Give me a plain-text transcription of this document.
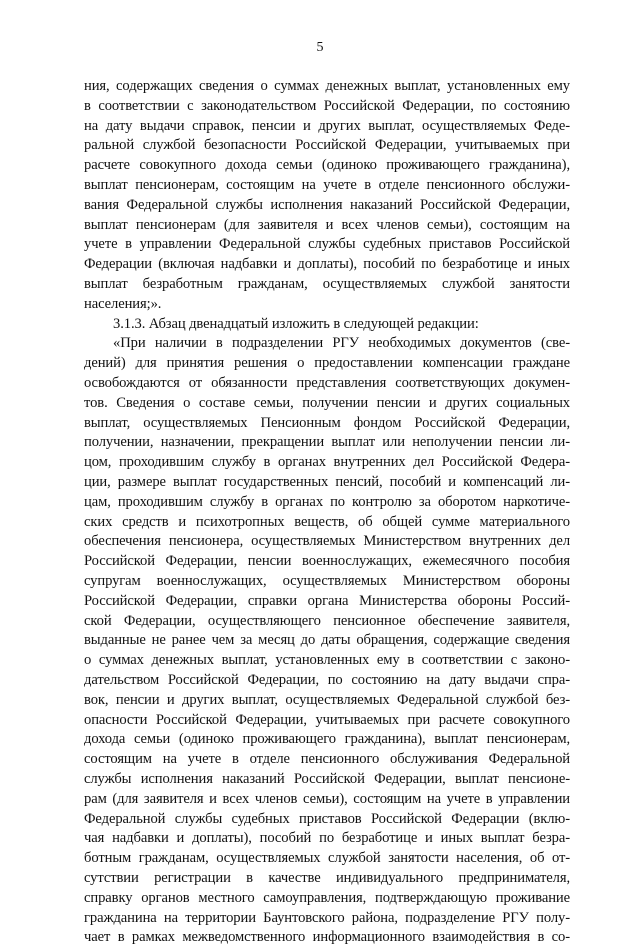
5
ния, содержащих сведения о суммах денежных выплат, установленных ему
в соответствии с законодательством Российской Федерации, по состоянию
на дату выдачи справок, пенсии и других выплат, осуществляемых Феде-
ральной службой безопасности Российской Федерации, учитываемых при
расчете совокупного дохода семьи (одиноко проживающего гражданина),
выплат пенсионерам, состоящим на учете в отделе пенсионного обслужи-
вания Федеральной службы исполнения наказаний Российской Федерации,
выплат пенсионерам (для заявителя и всех членов семьи), состоящим на
учете в управлении Федеральной службы судебных приставов Российской
Федерации (включая надбавки и доплаты), пособий по безработице и иных
выплат безработным гражданам, осуществляемых службой занятости
населения;».
3.1.3. Абзац двенадцатый изложить в следующей редакции:
«При наличии в подразделении РГУ необходимых документов (све-
дений) для принятия решения о предоставлении компенсации граждане
освобождаются от обязанности представления соответствующих докумен-
тов. Сведения о составе семьи, получении пенсии и других социальных
выплат, осуществляемых Пенсионным фондом Российской Федерации,
получении, назначении, прекращении выплат или неполучении пенсии ли-
цом, проходившим службу в органах внутренних дел Российской Федера-
ции, размере выплат государственных пенсий, пособий и компенсаций ли-
цам, проходившим службу в органах по контролю за оборотом наркотиче-
ских средств и психотропных веществ, об общей сумме материального
обеспечения пенсионера, осуществляемых Министерством внутренних дел
Российской Федерации, пенсии военнослужащих, ежемесячного пособия
супругам военнослужащих, осуществляемых Министерством обороны
Российской Федерации, справки органа Министерства обороны Россий-
ской Федерации, осуществляющего пенсионное обеспечение заявителя,
выданные не ранее чем за месяц до даты обращения, содержащие сведения
о суммах денежных выплат, установленных ему в соответствии с законо-
дательством Российской Федерации, по состоянию на дату выдачи спра-
вок, пенсии и других выплат, осуществляемых Федеральной службой без-
опасности Российской Федерации, учитываемых при расчете совокупного
дохода семьи (одиноко проживающего гражданина), выплат пенсионерам,
состоящим на учете в отделе пенсионного обслуживания Федеральной
службы исполнения наказаний Российской Федерации, выплат пенсионе-
рам (для заявителя и всех членов семьи), состоящим на учете в управлении
Федеральной службы судебных приставов Российской Федерации (вклю-
чая надбавки и доплаты), пособий по безработице и иных выплат безра-
ботным гражданам, осуществляемых службой занятости населения, об от-
сутствии регистрации в качестве индивидуального предпринимателя,
справку органов местного самоуправления, подтверждающую проживание
гражданина на территории Баунтовского района, подразделение РГУ полу-
чает в рамках межведомственного информационного взаимодействия в со-
